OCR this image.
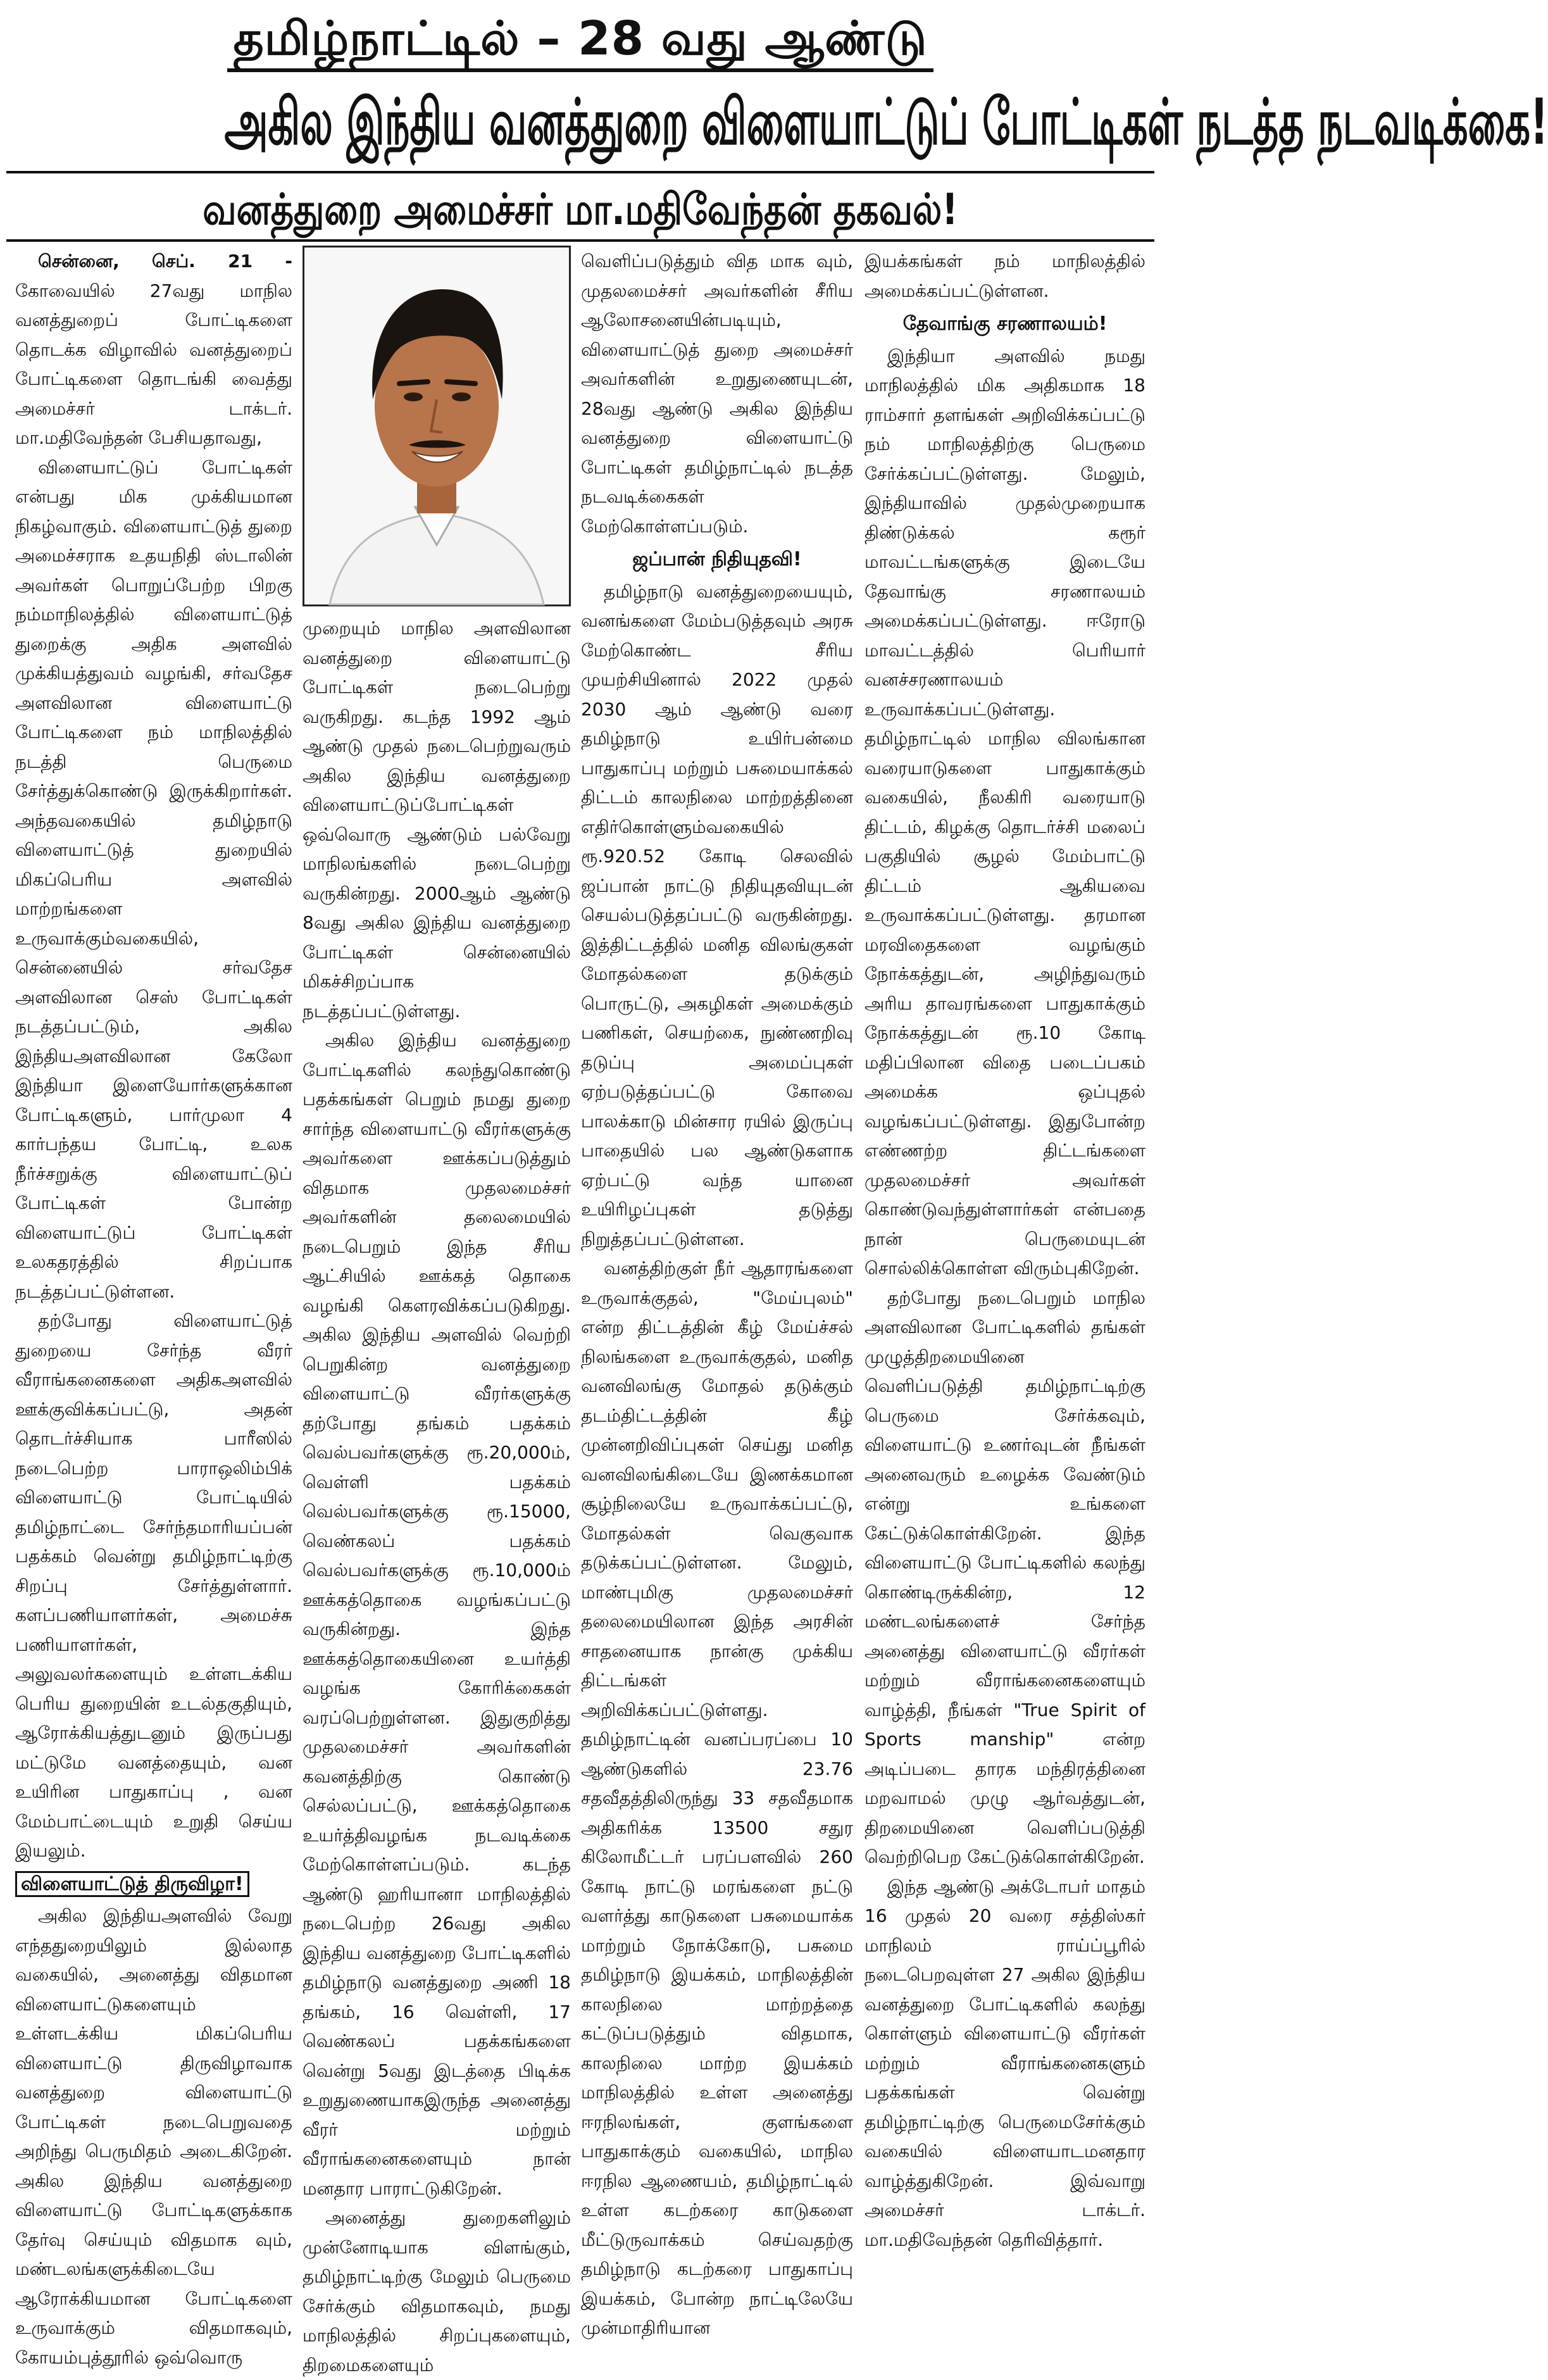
தமிழ்நாட்டில் – 28 வது ஆண்டு
அகில இந்திய வனத்துறை விளையாட்டுப் போட்டிகள் நடத்த நடவடிக்கை!
வனத்துறை அமைச்சர் மா.மதிவேந்தன் தகவல்!

சென்னை, செப். 21 - கோவையில் 27வது மாநில வனத்துறைப் போட்டிகளை தொடக்க விழாவில் வனத்துறைப் போட்டிகளை தொடங்கி வைத்து அமைச்சர் டாக்டர். மா.மதிவேந்தன் பேசியதாவது,

விளையாட்டுப் போட்டிகள் என்பது மிக முக்கியமான நிகழ்வாகும். விளையாட்டுத் துறை அமைச்சராக உதயநிதி ஸ்டாலின் அவர்கள் பொறுப்பேற்ற பிறகு நம்மாநிலத்தில் விளையாட்டுத் துறைக்கு அதிக அளவில் முக்கியத்துவம் வழங்கி, சர்வதேச அளவிலான விளையாட்டு போட்டிகளை நம் மாநிலத்தில் நடத்தி பெருமை சேர்த்துக்கொண்டு இருக்கிறார்கள். அந்தவகையில் தமிழ்நாடு விளையாட்டுத் துறையில் மிகப்பெரிய அளவில் மாற்றங்களை உருவாக்கும்வகையில், சென்னையில் சர்வதேச அளவிலான செஸ் போட்டிகள் நடத்தப்பட்டும், அகில இந்தியஅளவிலான கேலோ இந்தியா இளையோர்களுக்கான போட்டிகளும், பார்முலா 4 கார்பந்தய போட்டி, உலக நீர்ச்சறுக்கு விளையாட்டுப் போட்டிகள் போன்ற விளையாட்டுப் போட்டிகள் உலகதரத்தில் சிறப்பாக நடத்தப்பட்டுள்ளன.

தற்போது விளையாட்டுத் துறையை சேர்ந்த வீரர் வீராங்கனைகளை அதிகஅளவில் ஊக்குவிக்கப்பட்டு, அதன் தொடர்ச்சியாக பாரீஸில் நடைபெற்ற பாராஒலிம்பிக் விளையாட்டு போட்டியில் தமிழ்நாட்டை சேர்ந்தமாரியப்பன் பதக்கம் வென்று தமிழ்நாட்டிற்கு சிறப்பு சேர்த்துள்ளார். களப்பணியாளர்கள், அமைச்சு பணியாளர்கள், அலுவலர்களையும் உள்ளடக்கிய பெரிய துறையின் உடல்தகுதியும், ஆரோக்கியத்துடனும் இருப்பது மட்டுமே வனத்தையும், வன உயிரின பாதுகாப்பு , வன மேம்பாட்டையும் உறுதி செய்ய இயலும்.

விளையாட்டுத் திருவிழா!

அகில இந்தியஅளவில் வேறு எந்ததுறையிலும் இல்லாத வகையில், அனைத்து விதமான விளையாட்டுகளையும் உள்ளடக்கிய மிகப்பெரிய விளையாட்டு திருவிழாவாக வனத்துறை விளையாட்டு போட்டிகள் நடைபெறுவதை அறிந்து பெருமிதம் அடைகிறேன். அகில இந்திய வனத்துறை விளையாட்டு போட்டிகளுக்காக தேர்வு செய்யும் விதமாக வும், மண்டலங்களுக்கிடையே ஆரோக்கியமான போட்டிகளை உருவாக்கும் விதமாகவும், கோயம்புத்தூரில் ஒவ்வொரு

முறையும் மாநில அளவிலான வனத்துறை விளையாட்டு போட்டிகள் நடைபெற்று வருகிறது. கடந்த 1992 ஆம் ஆண்டு முதல் நடைபெற்றுவரும் அகில இந்திய வனத்துறை விளையாட்டுப்போட்டிகள் ஒவ்வொரு ஆண்டும் பல்வேறு மாநிலங்களில் நடைபெற்று வருகின்றது. 2000ஆம் ஆண்டு 8வது அகில இந்திய வனத்துறை போட்டிகள் சென்னையில் மிகச்சிறப்பாக நடத்தப்பட்டுள்ளது.

அகில இந்திய வனத்துறை போட்டிகளில் கலந்துகொண்டு பதக்கங்கள் பெறும் நமது துறை சார்ந்த விளையாட்டு வீரர்களுக்கு அவர்களை ஊக்கப்படுத்தும் விதமாக முதலமைச்சர் அவர்களின் தலைமையில் நடைபெறும் இந்த சீரிய ஆட்சியில் ஊக்கத் தொகை வழங்கி கௌரவிக்கப்படுகிறது. அகில இந்திய அளவில் வெற்றி பெறுகின்ற வனத்துறை விளையாட்டு வீரர்களுக்கு தற்போது தங்கம் பதக்கம் வெல்பவர்களுக்கு ரூ.20,000ம், வெள்ளி பதக்கம் வெல்பவர்களுக்கு ரூ.15000, வெண்கலப் பதக்கம் வெல்பவர்களுக்கு ரூ.10,000ம் ஊக்கத்தொகை வழங்கப்பட்டு வருகின்றது. இந்த ஊக்கத்தொகையினை உயர்த்தி வழங்க கோரிக்கைகள் வரப்பெற்றுள்ளன. இதுகுறித்து முதலமைச்சர் அவர்களின் கவனத்திற்கு கொண்டு செல்லப்பட்டு, ஊக்கத்தொகை உயர்த்திவழங்க நடவடிக்கை மேற்கொள்ளப்படும். கடந்த ஆண்டு ஹரியானா மாநிலத்தில் நடைபெற்ற 26வது அகில இந்திய வனத்துறை போட்டிகளில் தமிழ்நாடு வனத்துறை அணி 18 தங்கம், 16 வெள்ளி, 17 வெண்கலப் பதக்கங்களை வென்று 5வது இடத்தை பிடிக்க உறுதுணையாகஇருந்த அனைத்து வீரர் மற்றும் வீராங்கனைகளையும் நான் மனதார பாராட்டுகிறேன்.

அனைத்து துறைகளிலும் முன்னோடியாக விளங்கும், தமிழ்நாட்டிற்கு மேலும் பெருமை சேர்க்கும் விதமாகவும், நமது மாநிலத்தில் சிறப்புகளையும், திறமைகளையும்

வெளிப்படுத்தும் வித மாக வும், முதலமைச்சர் அவர்களின் சீரிய ஆலோசனையின்படியும், விளையாட்டுத் துறை அமைச்சர் அவர்களின் உறுதுணையுடன், 28வது ஆண்டு அகில இந்திய வனத்துறை விளையாட்டு போட்டிகள் தமிழ்நாட்டில் நடத்த நடவடிக்கைகள் மேற்கொள்ளப்படும்.

ஜப்பான் நிதியுதவி!

தமிழ்நாடு வனத்துறையையும், வனங்களை மேம்படுத்தவும் அரசு மேற்கொண்ட சீரிய முயற்சியினால் 2022 முதல் 2030 ஆம் ஆண்டு வரை தமிழ்நாடு உயிர்பன்மை பாதுகாப்பு மற்றும் பசுமையாக்கல் திட்டம் காலநிலை மாற்றத்தினை எதிர்கொள்ளும்வகையில் ரூ.920.52 கோடி செலவில் ஜப்பான் நாட்டு நிதியுதவியுடன் செயல்படுத்தப்பட்டு வருகின்றது. இத்திட்டத்தில் மனித விலங்குகள் மோதல்களை தடுக்கும் பொருட்டு, அகழிகள் அமைக்கும் பணிகள், செயற்கை, நுண்ணறிவு தடுப்பு அமைப்புகள் ஏற்படுத்தப்பட்டு கோவை பாலக்காடு மின்சார ரயில் இருப்பு பாதையில் பல ஆண்டுகளாக ஏற்பட்டு வந்த யானை உயிரிழப்புகள் தடுத்து நிறுத்தப்பட்டுள்ளன.

வனத்திற்குள் நீர் ஆதாரங்களை உருவாக்குதல், "மேய்புலம்" என்ற திட்டத்தின் கீழ் மேய்ச்சல் நிலங்களை உருவாக்குதல், மனித வனவிலங்கு மோதல் தடுக்கும் தடம்திட்டத்தின் கீழ் முன்னறிவிப்புகள் செய்து மனித வனவிலங்கிடையே இணக்கமான சூழ்நிலையே உருவாக்கப்பட்டு, மோதல்கள் வெகுவாக தடுக்கப்பட்டுள்ளன. மேலும், மாண்புமிகு முதலமைச்சர் தலைமையிலான இந்த அரசின் சாதனையாக நான்கு முக்கிய திட்டங்கள் அறிவிக்கப்பட்டுள்ளது. தமிழ்நாட்டின் வனப்பரப்பை 10 ஆண்டுகளில் 23.76 சதவீதத்திலிருந்து 33 சதவீதமாக அதிகரிக்க 13500 சதுர கிலோமீட்டர் பரப்பளவில் 260 கோடி நாட்டு மரங்களை நட்டு வளர்த்து காடுகளை பசுமையாக்க மாற்றும் நோக்கோடு, பசுமை தமிழ்நாடு இயக்கம், மாநிலத்தின் காலநிலை மாற்றத்தை கட்டுப்படுத்தும் விதமாக, காலநிலை மாற்ற இயக்கம் மாநிலத்தில் உள்ள அனைத்து ஈரநிலங்கள், குளங்களை பாதுகாக்கும் வகையில், மாநில ஈரநில ஆணையம், தமிழ்நாட்டில் உள்ள கடற்கரை காடுகளை மீட்டுருவாக்கம் செய்வதற்கு தமிழ்நாடு கடற்கரை பாதுகாப்பு இயக்கம், போன்ற நாட்டிலேயே முன்மாதிரியான

இயக்கங்கள் நம் மாநிலத்தில் அமைக்கப்பட்டுள்ளன.

தேவாங்கு சரணாலயம்!

இந்தியா அளவில் நமது மாநிலத்தில் மிக அதிகமாக 18 ராம்சார் தளங்கள் அறிவிக்கப்பட்டு நம் மாநிலத்திற்கு பெருமை சேர்க்கப்பட்டுள்ளது. மேலும், இந்தியாவில் முதல்முறையாக திண்டுக்கல் கரூர் மாவட்டங்களுக்கு இடையே தேவாங்கு சரணாலயம் அமைக்கப்பட்டுள்ளது. ஈரோடு மாவட்டத்தில் பெரியார் வனச்சரணாலயம் உருவாக்கப்பட்டுள்ளது. தமிழ்நாட்டில் மாநில விலங்கான வரையாடுகளை பாதுகாக்கும் வகையில், நீலகிரி வரையாடு திட்டம், கிழக்கு தொடர்ச்சி மலைப் பகுதியில் சூழல் மேம்பாட்டு திட்டம் ஆகியவை உருவாக்கப்பட்டுள்ளது. தரமான மரவிதைகளை வழங்கும் நோக்கத்துடன், அழிந்துவரும் அரிய தாவரங்களை பாதுகாக்கும் நோக்கத்துடன் ரூ.10 கோடி மதிப்பிலான விதை படைப்பகம் அமைக்க ஒப்புதல் வழங்கப்பட்டுள்ளது. இதுபோன்ற எண்ணற்ற திட்டங்களை முதலமைச்சர் அவர்கள் கொண்டுவந்துள்ளார்கள் என்பதை நான் பெருமையுடன் சொல்லிக்கொள்ள விரும்புகிறேன்.

தற்போது நடைபெறும் மாநில அளவிலான போட்டிகளில் தங்கள் முழுத்திறமையினை வெளிப்படுத்தி தமிழ்நாட்டிற்கு பெருமை சேர்க்கவும், விளையாட்டு உணர்வுடன் நீங்கள் அனைவரும் உழைக்க வேண்டும் என்று உங்களை கேட்டுக்கொள்கிறேன். இந்த விளையாட்டு போட்டிகளில் கலந்து கொண்டிருக்கின்ற, 12 மண்டலங்களைச் சேர்ந்த அனைத்து விளையாட்டு வீரர்கள் மற்றும் வீராங்கனைகளையும் வாழ்த்தி, நீங்கள் "True Spirit of Sports manship" என்ற அடிப்படை தாரக மந்திரத்தினை மறவாமல் முழு ஆர்வத்துடன், திறமையினை வெளிப்படுத்தி வெற்றிபெற கேட்டுக்கொள்கிறேன்.

இந்த ஆண்டு அக்டோபர் மாதம் 16 முதல் 20 வரை சத்திஸ்கர் மாநிலம் ராய்ப்பூரில் நடைபெறவுள்ள 27 அகில இந்திய வனத்துறை போட்டிகளில் கலந்து கொள்ளும் விளையாட்டு வீரர்கள் மற்றும் வீராங்கனைகளும் பதக்கங்கள் வென்று தமிழ்நாட்டிற்கு பெருமைசேர்க்கும் வகையில் விளையாடமனதார வாழ்த்துகிறேன். இவ்வாறு அமைச்சர் டாக்டர். மா.மதிவேந்தன் தெரிவித்தார்.
